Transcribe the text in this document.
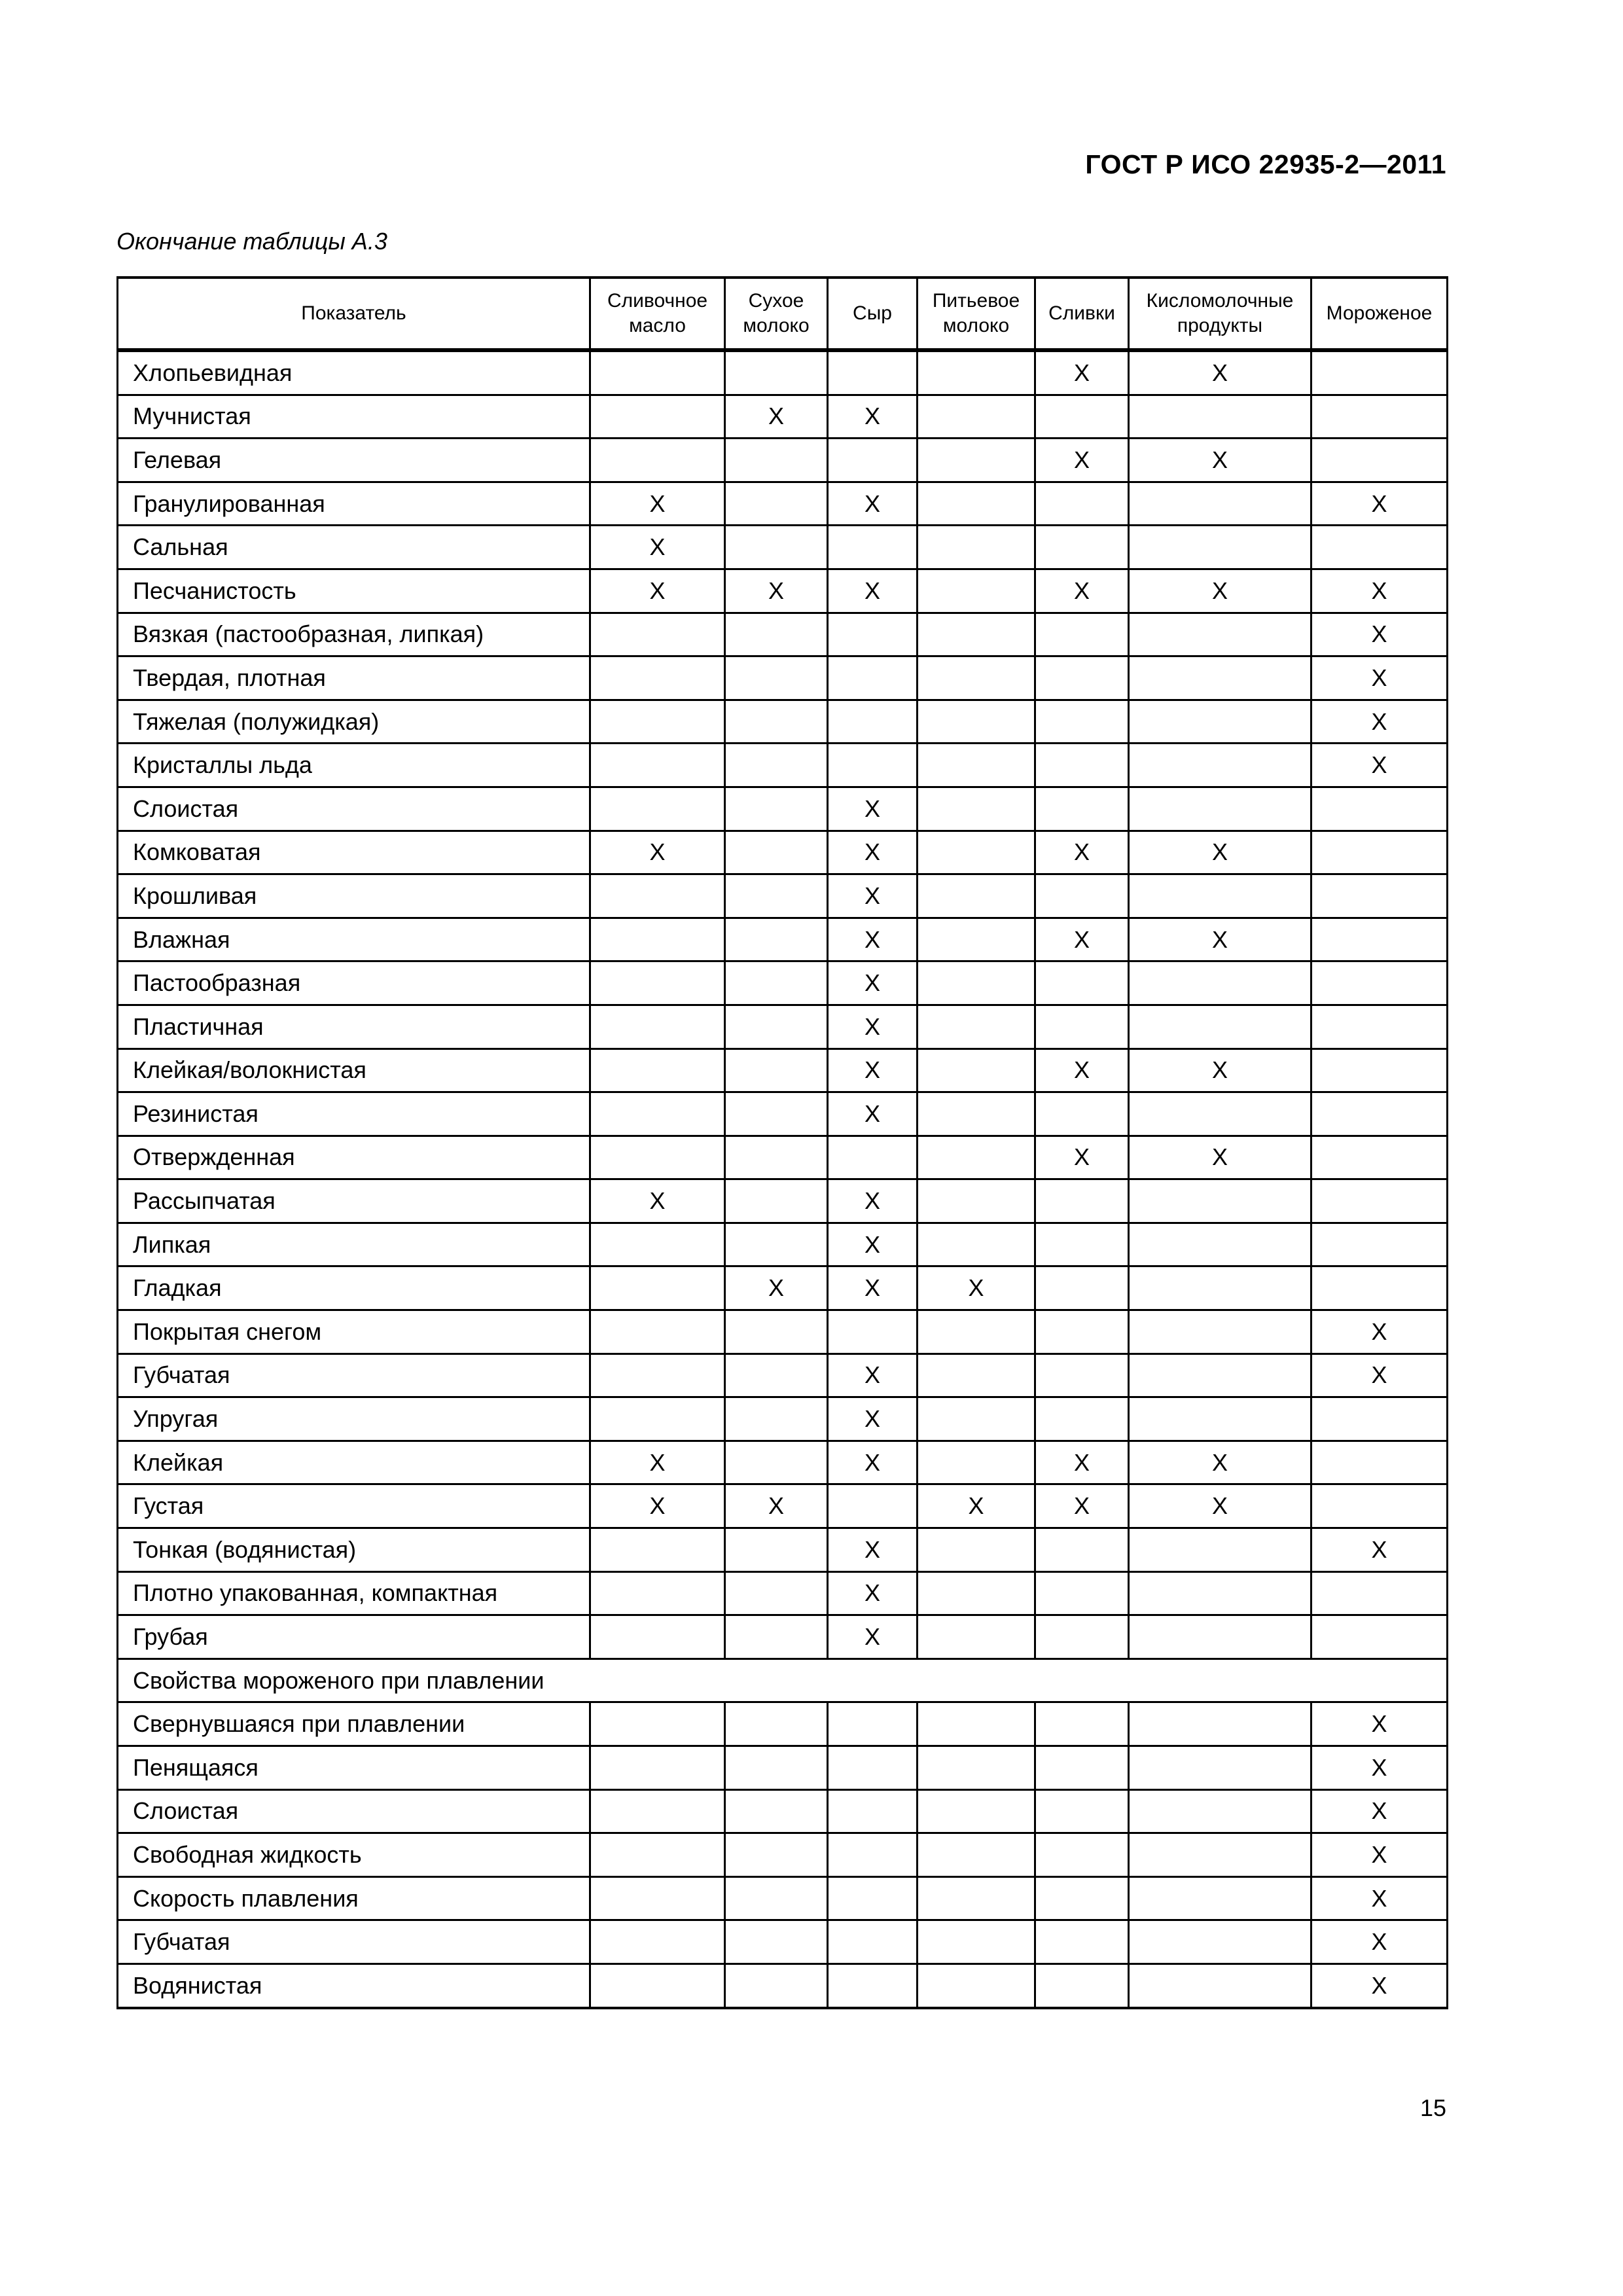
ГОСТ Р ИСО 22935-2—2011
Окончание таблицы А.3
Показатель	Сливочное масло	Сухое молоко	Сыр	Питьевое молоко	Сливки	Кисломолочные продукты	Мороженое
Хлопьевидная					X	X	
Мучнистая		X	X				
Гелевая					X	X	
Гранулированная	X		X				X
Сальная	X						
Песчанистость	X	X	X		X	X	X
Вязкая (пастообразная, липкая)							X
Твердая, плотная							X
Тяжелая (полужидкая)							X
Кристаллы льда							X
Слоистая			X				
Комковатая	X		X		X	X	
Крошливая			X				
Влажная			X		X	X	
Пастообразная			X				
Пластичная			X				
Клейкая/волокнистая			X		X	X	
Резинистая			X				
Отвержденная					X	X	
Рассыпчатая	X		X				
Липкая			X				
Гладкая		X	X	X			
Покрытая снегом							X
Губчатая			X				X
Упругая			X				
Клейкая	X		X		X	X	
Густая	X	X		X	X	X	
Тонкая (водянистая)			X				X
Плотно упакованная, компактная			X				
Грубая			X				
Свойства мороженого при плавлении							
Свернувшаяся при плавлении							X
Пенящаяся							X
Слоистая							X
Свободная жидкость							X
Скорость плавления							X
Губчатая							X
Водянистая							X
15
